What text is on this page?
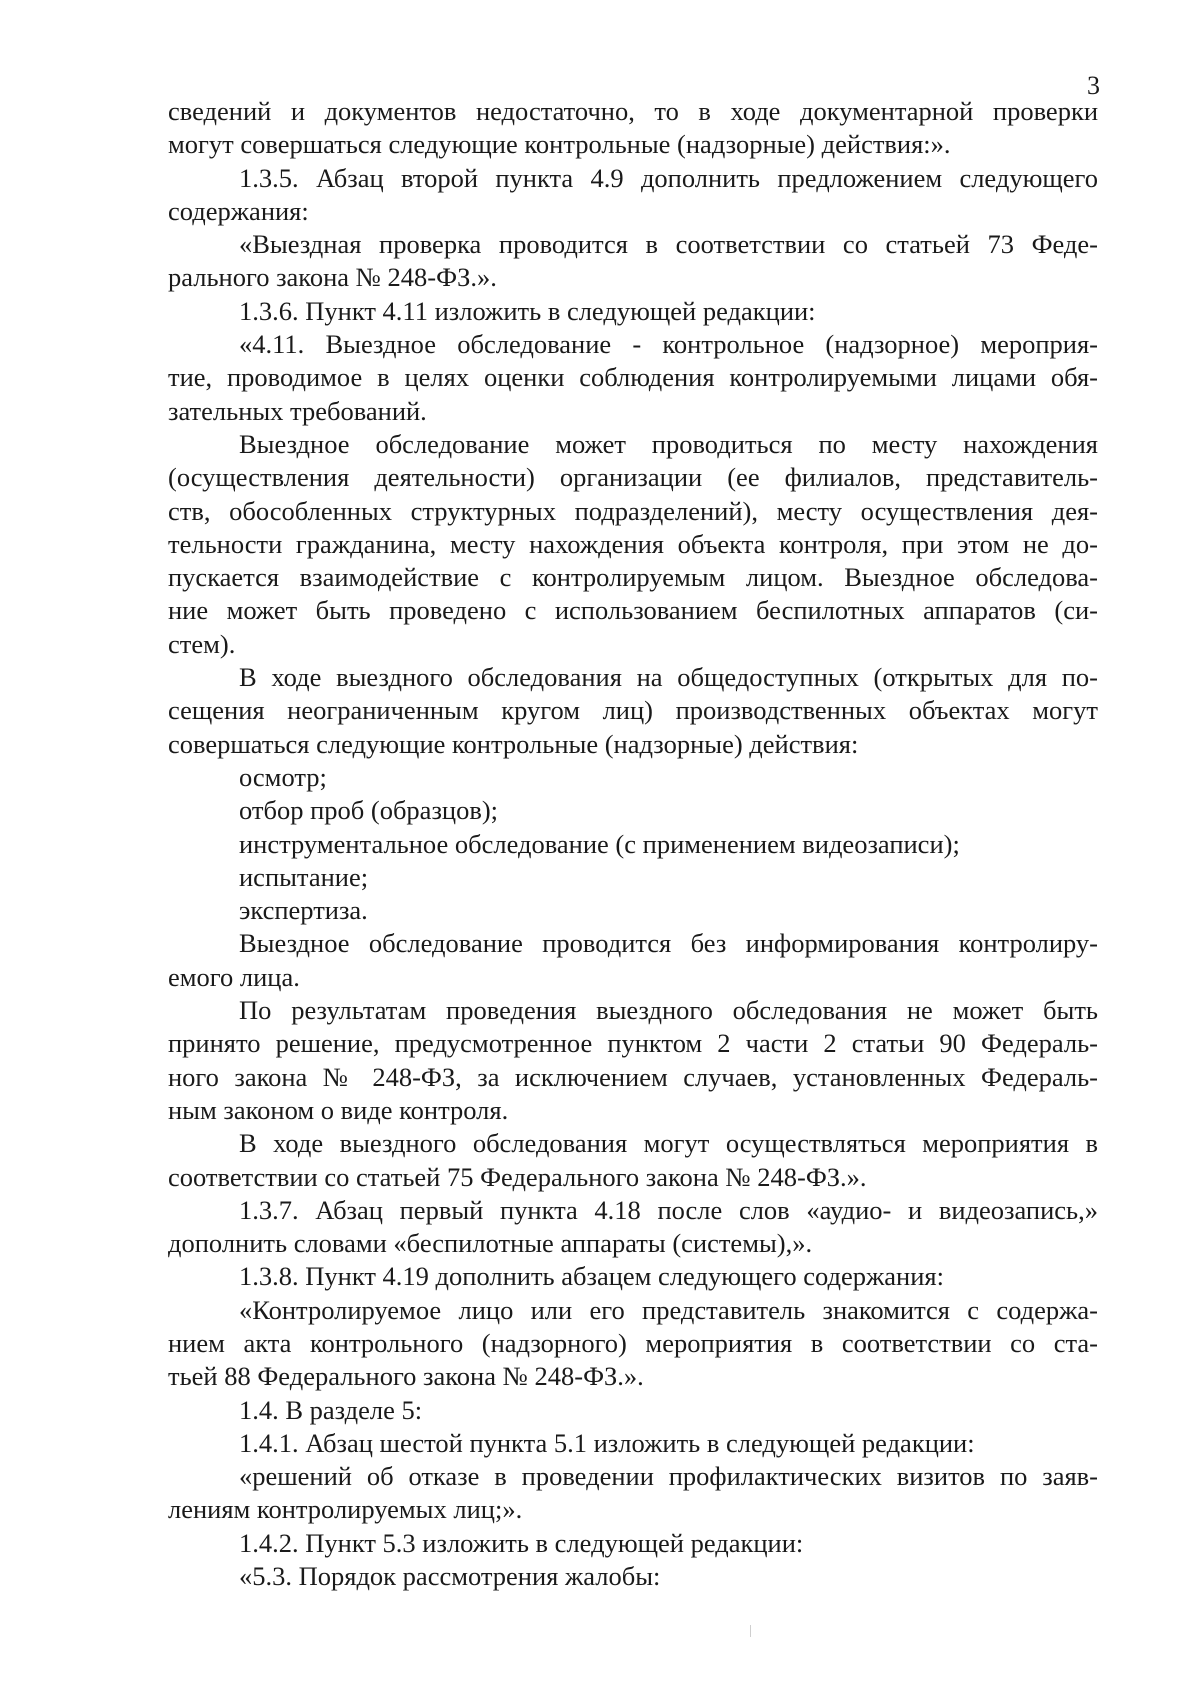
3
сведений и документов недостаточно, то в ходе документарной проверки
могут совершаться следующие контрольные (надзорные) действия:».
1.3.5. Абзац второй пункта 4.9 дополнить предложением следующего
содержания:
«Выездная проверка проводится в соответствии со статьей 73 Феде-
рального закона № 248-ФЗ.».
1.3.6. Пункт 4.11 изложить в следующей редакции:
«4.11. Выездное обследование - контрольное (надзорное) мероприя-
тие, проводимое в целях оценки соблюдения контролируемыми лицами обя-
зательных требований.
Выездное обследование может проводиться по месту нахождения
(осуществления деятельности) организации (ее филиалов, представитель-
ств, обособленных структурных подразделений), месту осуществления дея-
тельности гражданина, месту нахождения объекта контроля, при этом не до-
пускается взаимодействие с контролируемым лицом. Выездное обследова-
ние может быть проведено с использованием беспилотных аппаратов (си-
стем).
В ходе выездного обследования на общедоступных (открытых для по-
сещения неограниченным кругом лиц) производственных объектах могут
совершаться следующие контрольные (надзорные) действия:
осмотр;
отбор проб (образцов);
инструментальное обследование (с применением видеозаписи);
испытание;
экспертиза.
Выездное обследование проводится без информирования контролиру-
емого лица.
По результатам проведения выездного обследования не может быть
принято решение, предусмотренное пунктом 2 части 2 статьи 90 Федераль-
ного закона № 248-ФЗ, за исключением случаев, установленных Федераль-
ным законом о виде контроля.
В ходе выездного обследования могут осуществляться мероприятия в
соответствии со статьей 75 Федерального закона № 248-ФЗ.».
1.3.7. Абзац первый пункта 4.18 после слов «аудио- и видеозапись,»
дополнить словами «беспилотные аппараты (системы),».
1.3.8. Пункт 4.19 дополнить абзацем следующего содержания:
«Контролируемое лицо или его представитель знакомится с содержа-
нием акта контрольного (надзорного) мероприятия в соответствии со ста-
тьей 88 Федерального закона № 248-ФЗ.».
1.4. В разделе 5:
1.4.1. Абзац шестой пункта 5.1 изложить в следующей редакции:
«решений об отказе в проведении профилактических визитов по заяв-
лениям контролируемых лиц;».
1.4.2. Пункт 5.3 изложить в следующей редакции:
«5.3. Порядок рассмотрения жалобы:
